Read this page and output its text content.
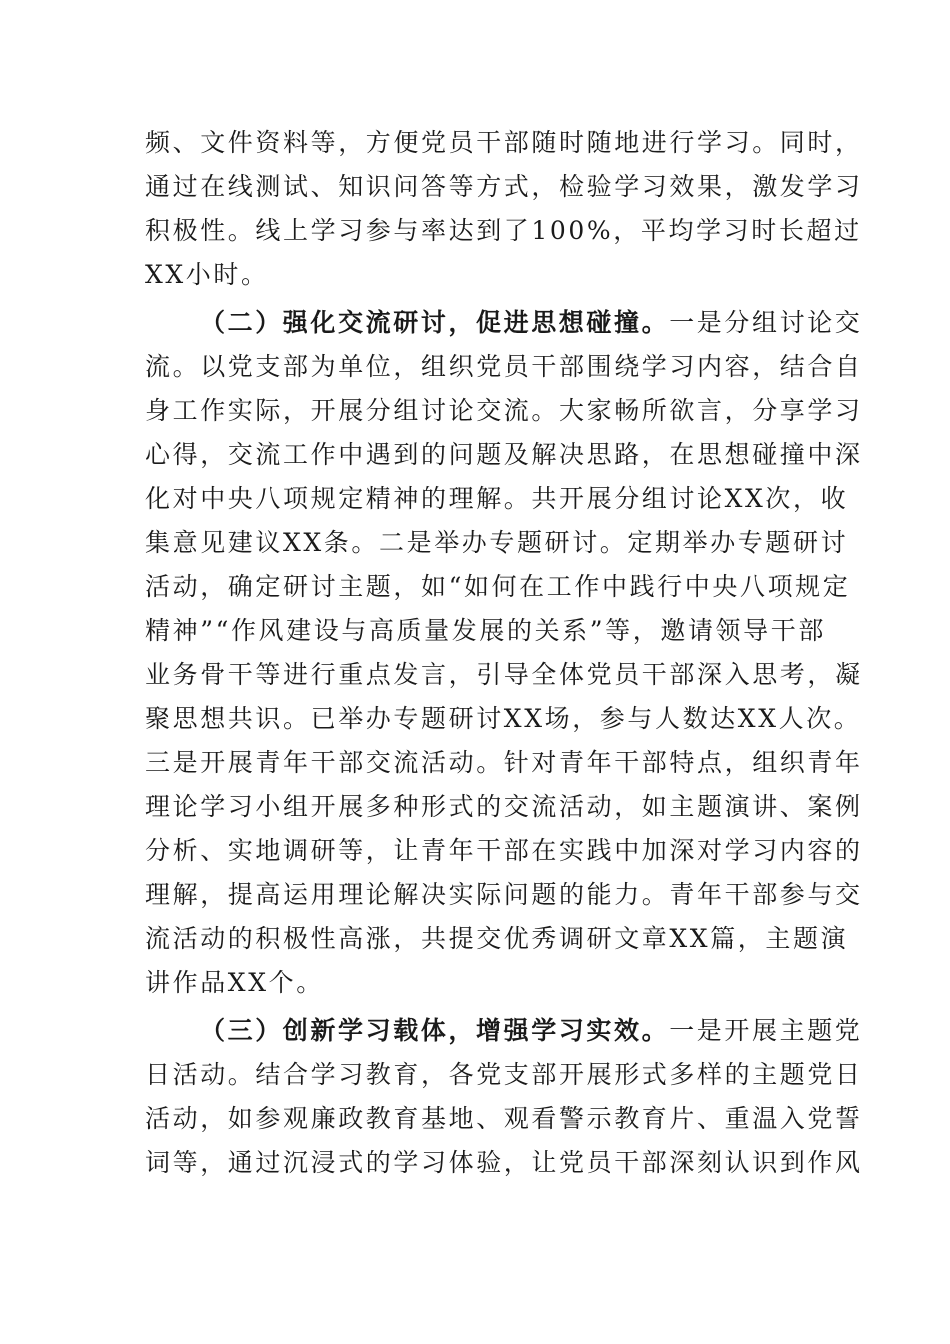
频、文件资料等，方便党员干部随时随地进行学习。同时，
通过在线测试、知识问答等方式，检验学习效果，激发学习
积极性。线上学习参与率达到了100%，平均学习时长超过
XX小时。
（二）强化交流研讨，促进思想碰撞。一是分组讨论交
流。以党支部为单位，组织党员干部围绕学习内容，结合自
身工作实际，开展分组讨论交流。大家畅所欲言，分享学习
心得，交流工作中遇到的问题及解决思路，在思想碰撞中深
化对中央八项规定精神的理解。共开展分组讨论XX次，收
集意见建议XX条。二是举办专题研讨。定期举办专题研讨
活动，确定研讨主题，如“如何在工作中践行中央八项规定
精神”“作风建设与高质量发展的关系”等，邀请领导干部
业务骨干等进行重点发言，引导全体党员干部深入思考，凝
聚思想共识。已举办专题研讨XX场，参与人数达XX人次。
三是开展青年干部交流活动。针对青年干部特点，组织青年
理论学习小组开展多种形式的交流活动，如主题演讲、案例
分析、实地调研等，让青年干部在实践中加深对学习内容的
理解，提高运用理论解决实际问题的能力。青年干部参与交
流活动的积极性高涨，共提交优秀调研文章XX篇，主题演
讲作品XX个。
（三）创新学习载体，增强学习实效。一是开展主题党
日活动。结合学习教育，各党支部开展形式多样的主题党日
活动，如参观廉政教育基地、观看警示教育片、重温入党誓
词等，通过沉浸式的学习体验，让党员干部深刻认识到作风
